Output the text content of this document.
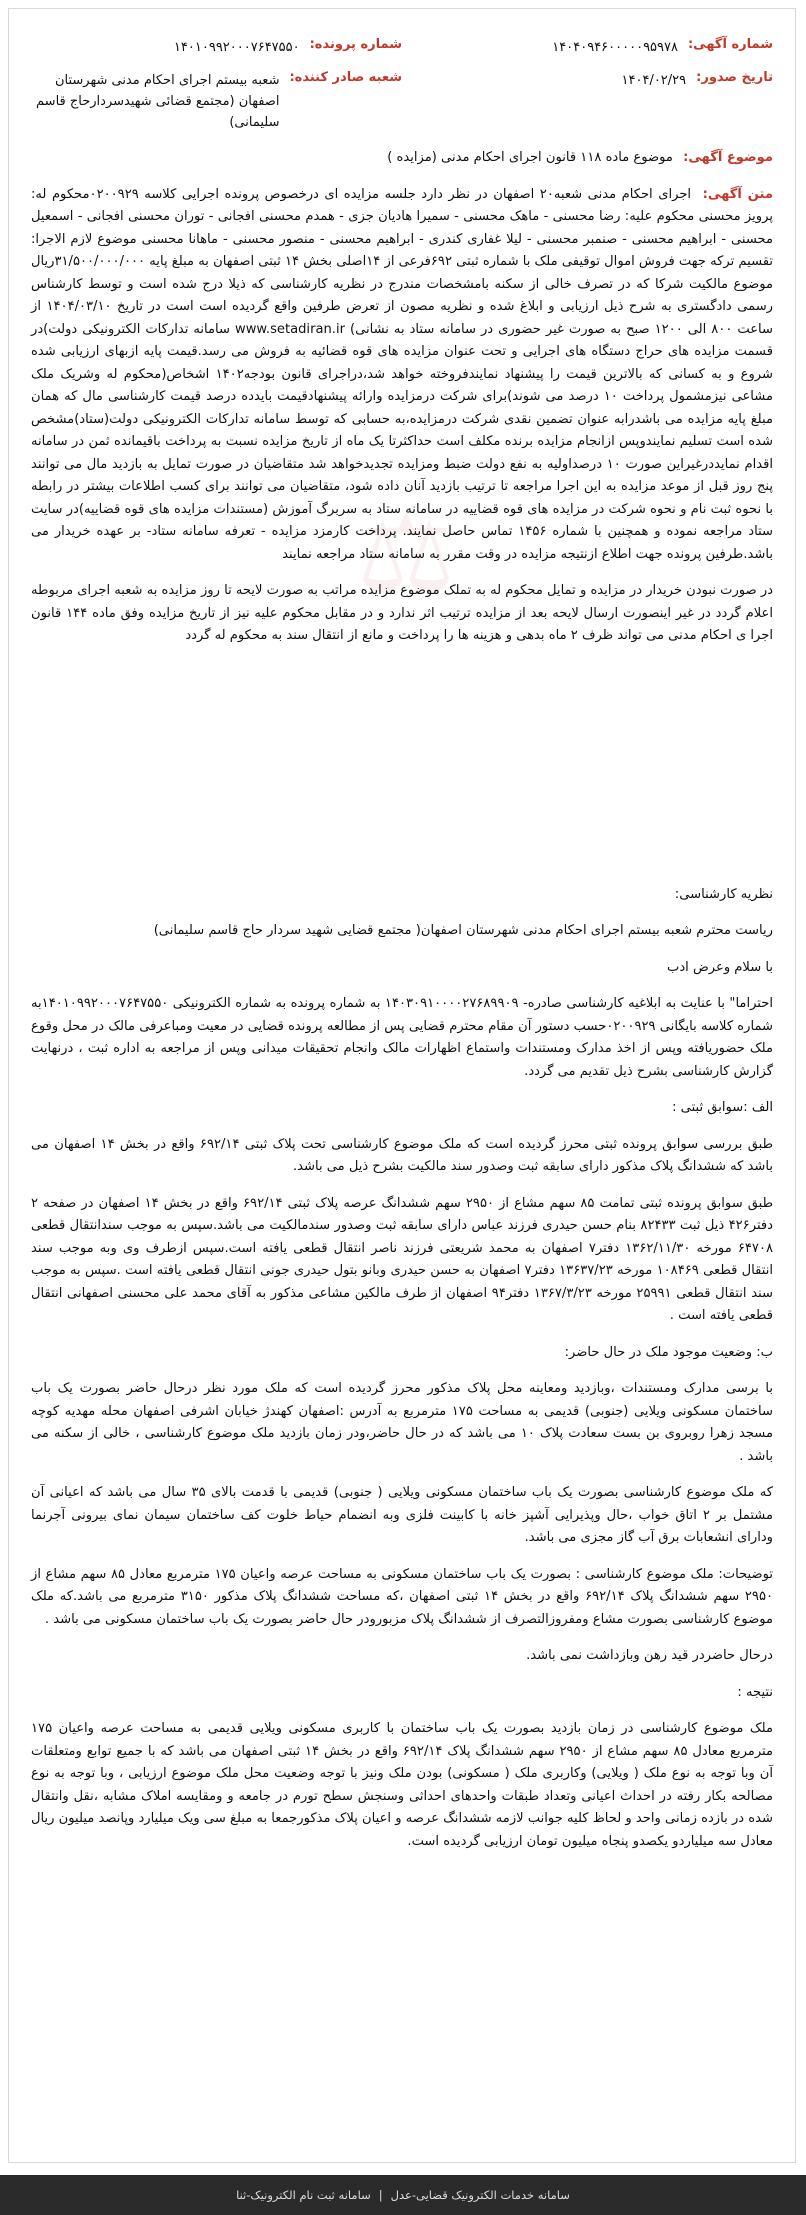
⚖
شماره آگهی:
۱۴۰۴۰۹۴۶۰۰۰۰۰۹۵۹۷۸
شماره پرونده:
۱۴۰۱۰۹۹۲۰۰۰۷۶۴۷۵۵۰
تاریخ صدور:
۱۴۰۴/۰۲/۲۹
شعبه صادر کننده:
شعبه بیستم اجرای احکام مدنی شهرستان اصفهان (مجتمع قضائی شهیدسردارحاج قاسم سلیمانی)
موضوع آگهی: موضوع ماده ۱۱۸ قانون اجرای احکام مدنی (مزایده )
متن آگهی: اجرای احکام مدنی شعبه۲۰ اصفهان در نظر دارد جلسه مزایده ای درخصوص پرونده اجرایی کلاسه ۰۲۰۰۹۲۹محکوم له: پرویز محسنی محکوم علیه: رضا محسنی - ماهک محسنی - سمیرا هادیان جزی - همدم محسنی افجانی - توران محسنی افجانی - اسمعیل محسنی - ابراهیم محسنی - صنمبر محسنی - لیلا غفاری کندری - ابراهیم محسنی - منصور محسنی - ماهانا محسنی موضوع لازم الاجرا: تقسیم ترکه جهت فروش اموال توقیفی ملک با شماره ثبتی ۶۹۲فرعی از ۱۴اصلی بخش ۱۴ ثبتی اصفهان به مبلغ پایه ۳۱/۵۰۰/۰۰۰/۰۰۰ریال موضوع مالکیت شرکا که در تصرف خالی از سکنه بامشخصات مندرج در نظریه کارشناسی که ذیلا درج شده است و توسط کارشناس رسمی دادگستری به شرح ذیل ارزیابی و ابلاغ شده و نظریه مصون از تعرض طرفین واقع گردیده است است در تاریخ ۱۴۰۴/۰۳/۱۰ از ساعت ۸۰۰ الی ۱۲۰۰ صبح به صورت غیر حضوری در سامانه ستاد به نشانی) www.setadiran.ir سامانه تدارکات الکترونیکی دولت)در قسمت مزایده های حراج دستگاه های اجرایی و تحت عنوان مزایده های قوه قضائیه به فروش می رسد.قیمت پایه ازبهای ارزیابی شده شروع و به کسانی که بالاترین قیمت را پیشنهاد نمایندفروخته خواهد شد،دراجرای قانون بودجه۱۴۰۲ اشخاص(محکوم له وشریک ملک مشاعی نیزمشمول پرداخت ۱۰ درصد می شوند)برای شرکت درمزایده وارائه پیشنهادقیمت بایدده درصد قیمت کارشناسی مال که همان مبلغ پایه مزایده می باشدرابه عنوان تضمین نقدی شرکت درمزایده،به حسابی که توسط سامانه تدارکات الکترونیکی دولت(ستاد)مشخص شده است تسلیم نمایندوپس ازانجام مزایده برنده مکلف است حداکثرتا یک ماه از تاریخ مزایده نسبت به پرداخت باقیمانده ثمن در سامانه اقدام نمایددرغیراین صورت ۱۰ درصداولیه به نفع دولت ضبط ومزایده تجدیدخواهد شد متقاضیان در صورت تمایل به بازدید مال می توانند پنج روز قبل از موعد مزایده به این اجرا مراجعه تا ترتیب بازدید آنان داده شود، متقاضیان می توانند برای کسب اطلاعات بیشتر در رابطه با نحوه ثبت نام و نحوه شرکت در مزایده های قوه قضاییه در سامانه ستاد به سربرگ آموزش (مستندات مزایده های قوه قضاییه)در سایت ستاد مراجعه نموده و همچنین با شماره ۱۴۵۶ تماس حاصل نمایند. پرداخت کارمزد مزایده - تعرفه سامانه ستاد- بر عهده خریدار می باشد.طرفین پرونده جهت اطلاع ازنتیجه مزایده در وقت مقرر به سامانه ستاد مراجعه نمایند
در صورت نبودن خریدار در مزایده و تمایل محکوم له به تملک موضوع مزایده مراتب به صورت لایحه تا روز مزایده به شعبه اجرای مربوطه اعلام گردد در غیر اینصورت ارسال لایحه بعد از مزایده ترتیب اثر ندارد و در مقابل محکوم علیه نیز از تاریخ مزایده وفق ماده ۱۴۴ قانون اجرا ی احکام مدنی می تواند ظرف ۲ ماه بدهی و هزینه ها را پرداخت و مانع از انتقال سند به محکوم له گردد
نظریه کارشناسی:
ریاست محترم شعبه بیستم اجرای احکام مدنی شهرستان اصفهان( مجتمع قضایی شهید سردار حاج قاسم سلیمانی)
با سلام وعرض ادب
احتراما" با عنایت به ابلاغیه کارشناسی صادره- ۱۴۰۳۰۹۱۰۰۰۰۲۷۶۸۹۹۰۹ به شماره پرونده به شماره الکترونیکی ۱۴۰۱۰۹۹۲۰۰۰۷۶۴۷۵۵۰به شماره کلاسه بایگانی ۰۲۰۰۹۲۹حسب دستور آن مقام محترم قضایی پس از مطالعه پرونده قضایی در معیت ومباعرفی مالک در محل وقوع ملک حضوریافته وپس از اخذ مدارک ومستندات واستماع اظهارات مالک وانجام تحقیقات میدانی وپس از مراجعه به اداره ثبت ، درنهایت گزارش کارشناسی بشرح ذیل تقدیم می گردد.
الف :سوابق ثبتی :
طبق بررسی سوابق پرونده ثبتی محرز گردیده است که ملک موضوع کارشناسی تحت پلاک ثبتی ۶۹۲/۱۴ واقع در بخش ۱۴ اصفهان می باشد که ششدانگ پلاک مذکور دارای سابقه ثبت وصدور سند مالکیت بشرح ذیل می باشد.
طبق سوابق پرونده ثبتی تمامت ۸۵ سهم مشاع از ۲۹۵۰ سهم ششدانگ عرصه پلاک ثبتی ۶۹۲/۱۴ واقع در بخش ۱۴ اصفهان در صفحه ۲ دفتر۴۲۶ ذیل ثبت ۸۲۴۳۳ بنام حسن حیدری فرزند عباس دارای سابقه ثبت وصدور سندمالکیت می باشد.سپس به موجب سندانتقال قطعی ۶۴۷۰۸ مورخه ۱۳۶۲/۱۱/۳۰ دفتر۷ اصفهان به محمد شریعتی فرزند ناصر انتقال قطعی یافته است.سپس ازطرف وی وبه موجب سند انتقال قطعی ۱۰۸۴۶۹ مورخه ۱۳۶۳۷/۲۳ دفتر۷ اصفهان به حسن حیدری وبانو بتول حیدری جونی انتقال قطعی یافته است .سپس به موجب سند انتقال قطعی ۲۵۹۹۱ مورخه ۱۳۶۷/۳/۲۳ دفتر۹۴ اصفهان از طرف مالکین مشاعی مذکور به آقای محمد علی محسنی اصفهانی انتقال قطعی یافته است .
ب: وضعیت موجود ملک در حال حاضر:
با برسی مدارک ومستندات ،وبازدید ومعاینه محل پلاک مذکور محرز گردیده است که ملک مورد نظر درحال حاضر بصورت یک باب ساختمان مسکونی ویلایی (جنوبی) قدیمی به مساحت ۱۷۵ مترمربع به آدرس :اصفهان کهندژ خیابان اشرفی اصفهان محله مهدیه کوچه مسجد زهرا روبروی بن بست سعادت پلاک ۱۰ می باشد که در حال حاضر،ودر زمان بازدید ملک موضوع کارشناسی ، خالی از سکنه می باشد .
که ملک موضوع کارشناسی بصورت یک باب ساختمان مسکونی ویلایی ( جنوبی) قدیمی با قدمت بالای ۳۵ سال می باشد که اعیانی آن مشتمل بر ۲ اتاق خواب ،حال وپذیرایی آشپز خانه با کابینت فلزی وبه انضمام حیاط خلوت کف ساختمان سیمان نمای بیرونی آجرنما ودارای انشعابات برق آب گاز مجزی می باشد.
توضیحات: ملک موضوع کارشناسی : بصورت یک باب ساختمان مسکونی به مساحت عرصه واعیان ۱۷۵ مترمربع معادل ۸۵ سهم مشاع از ۲۹۵۰ سهم ششدانگ پلاک ۶۹۲/۱۴ واقع در بخش ۱۴ ثبتی اصفهان ،که مساحت ششدانگ پلاک مذکور ۳۱۵۰ مترمربع می باشد.که ملک موضوع کارشناسی بصورت مشاع ومفروزالتصرف از ششدانگ پلاک مزبورودر حال حاضر بصورت یک باب ساختمان مسکونی می باشد .
درحال حاضردر قید رهن وبازداشت نمی باشد.
نتیجه :
ملک موضوع کارشناسی در زمان بازدید بصورت یک باب ساختمان با کاربری مسکونی ویلایی قدیمی به مساحت عرصه واعیان ۱۷۵ مترمربع معادل ۸۵ سهم مشاع از ۲۹۵۰ سهم ششدانگ پلاک ۶۹۲/۱۴ واقع در بخش ۱۴ ثبتی اصفهان می باشد که با جمیع توابع ومتعلقات آن وبا توجه به نوع ملک ( ویلایی) وکاربری ملک ( مسکونی) بودن ملک ونیز با توجه وضعیت محل ملک موضوع ارزیابی ، وبا توجه به نوع مصالحه بکار رفته در احداث اعیانی وتعداد طبقات واحدهای احداثی وسنجش سطح تورم در جامعه و ومقایسه املاک مشابه ،نقل وانتقال شده در بازده زمانی واحد و لحاظ کلیه جوانب لازمه ششدانگ عرصه و اعیان پلاک مذکورجمعا به مبلغ سی ویک میلیارد وپانصد میلیون ریال معادل سه میلیاردو یکصدو پنجاه میلیون تومان ارزیابی گردیده است.
سامانه خدمات الکترونیک قضایی-عدل
|
سامانه ثبت نام الکترونیک-ثنا
